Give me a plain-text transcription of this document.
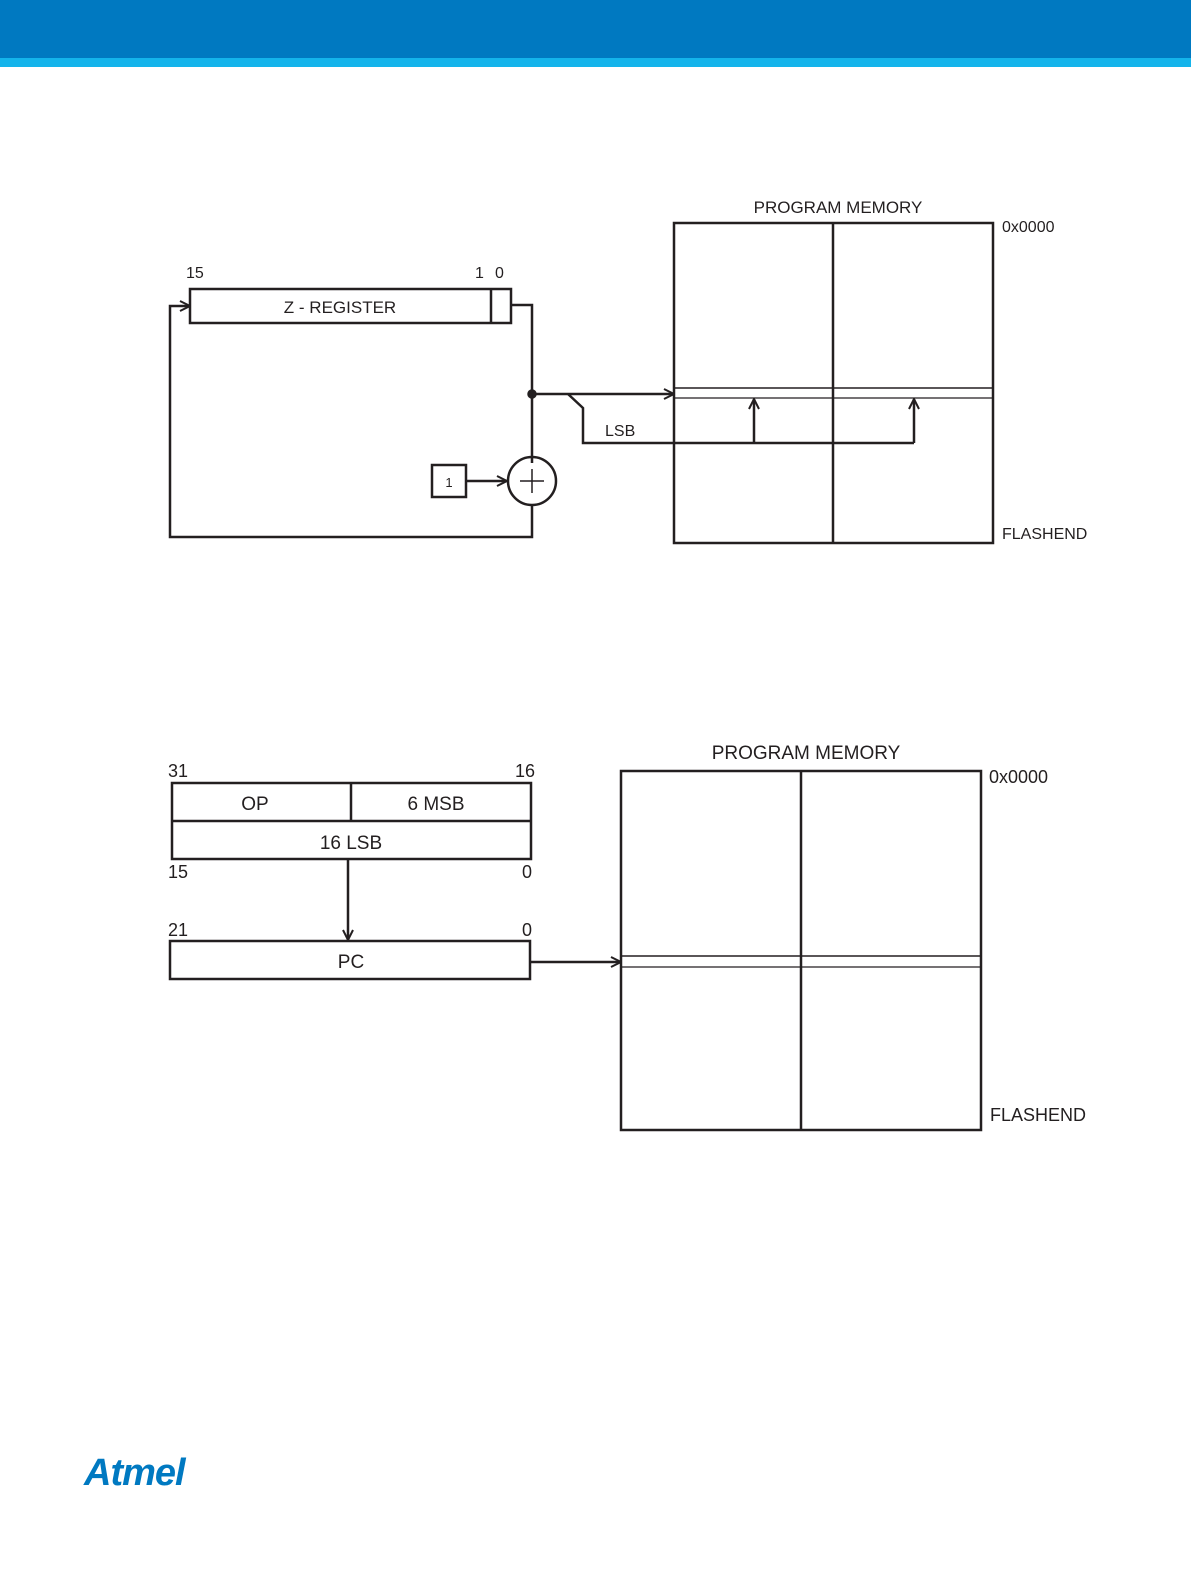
15	1 0
Z - REGISTER
1
LSB
PROGRAM MEMORY
0x0000
FLASHEND
31	16
OP	6 MSB
16 LSB
15	0
21	0
PC
PROGRAM MEMORY
0x0000
FLASHEND
Atmel
